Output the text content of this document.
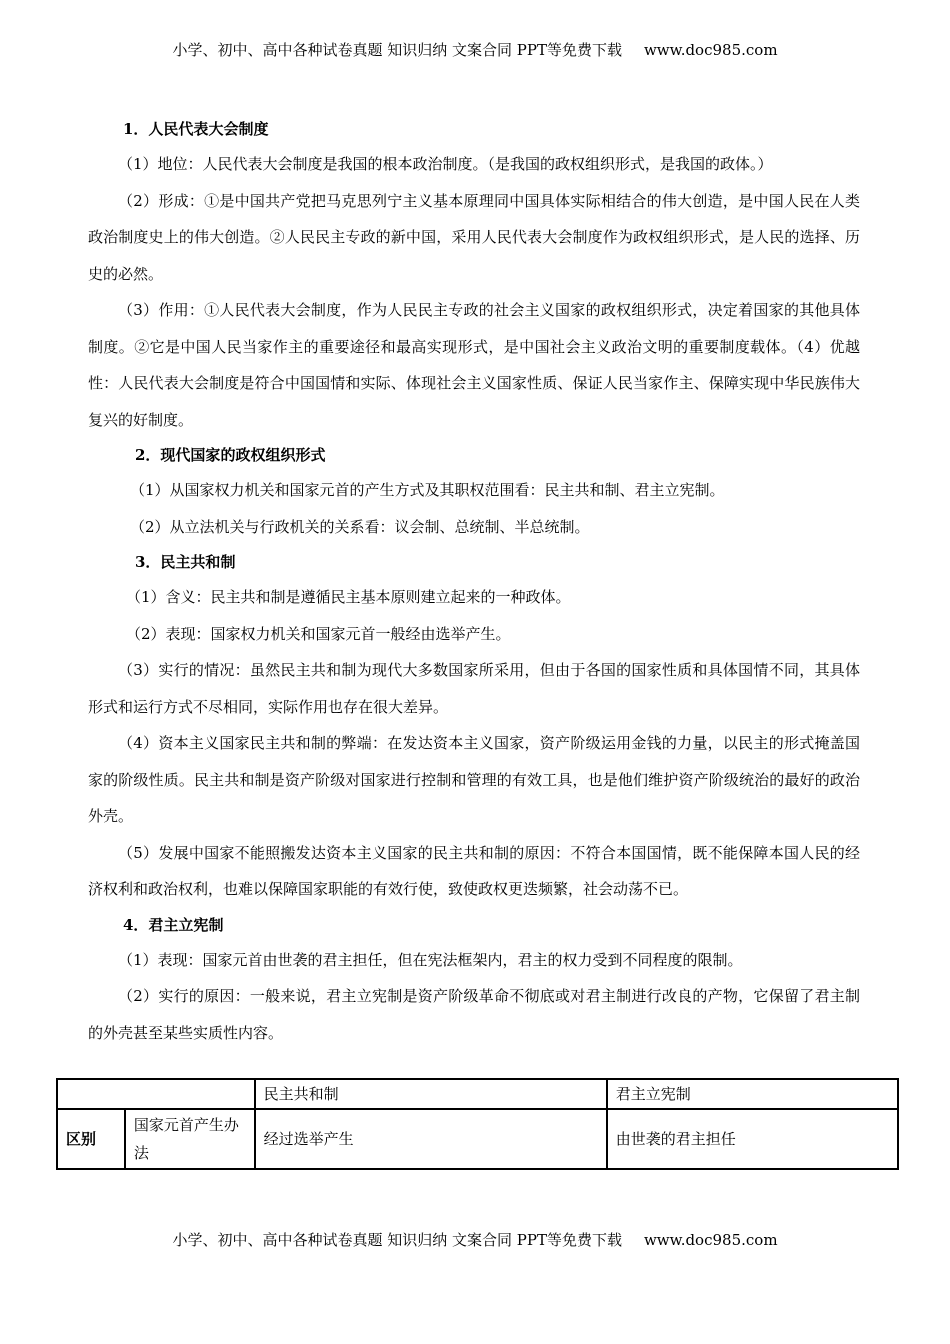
小学、初中、高中各种试卷真题 知识归纳 文案合同 PPT等免费下载 www.doc985.com
1．人民代表大会制度

（1）地位：人民代表大会制度是我国的根本政治制度。（是我国的政权组织形式，是我国的政体。）

（2）形成：①是中国共产党把马克思列宁主义基本原理同中国具体实际相结合的伟大创造，是中国人民在人类政治制度史上的伟大创造。②人民民主专政的新中国，采用人民代表大会制度作为政权组织形式，是人民的选择、历史的必然。

（3）作用：①人民代表大会制度，作为人民民主专政的社会主义国家的政权组织形式，决定着国家的其他具体制度。②它是中国人民当家作主的重要途径和最高实现形式，是中国社会主义政治文明的重要制度载体。（4）优越性：人民代表大会制度是符合中国国情和实际、体现社会主义国家性质、保证人民当家作主、保障实现中华民族伟大复兴的好制度。

2．现代国家的政权组织形式

（1）从国家权力机关和国家元首的产生方式及其职权范围看：民主共和制、君主立宪制。

（2）从立法机关与行政机关的关系看：议会制、总统制、半总统制。

3．民主共和制

（1）含义：民主共和制是遵循民主基本原则建立起来的一种政体。

（2）表现：国家权力机关和国家元首一般经由选举产生。

（3）实行的情况：虽然民主共和制为现代大多数国家所采用，但由于各国的国家性质和具体国情不同，其具体形式和运行方式不尽相同，实际作用也存在很大差异。

（4）资本主义国家民主共和制的弊端：在发达资本主义国家，资产阶级运用金钱的力量，以民主的形式掩盖国家的阶级性质。民主共和制是资产阶级对国家进行控制和管理的有效工具，也是他们维护资产阶级统治的最好的政治外壳。

（5）发展中国家不能照搬发达资本主义国家的民主共和制的原因：不符合本国国情，既不能保障本国人民的经济权利和政治权利，也难以保障国家职能的有效行使，致使政权更迭频繁，社会动荡不已。

4．君主立宪制

（1）表现：国家元首由世袭的君主担任，但在宪法框架内，君主的权力受到不同程度的限制。

（2）实行的原因：一般来说，君主立宪制是资产阶级革命不彻底或对君主制进行改良的产物，它保留了君主制的外壳甚至某些实质性内容。

		民主共和制	君主立宪制
区别	国家元首产生办法	经过选举产生	由世袭的君主担任
小学、初中、高中各种试卷真题 知识归纳 文案合同 PPT等免费下载 www.doc985.com
